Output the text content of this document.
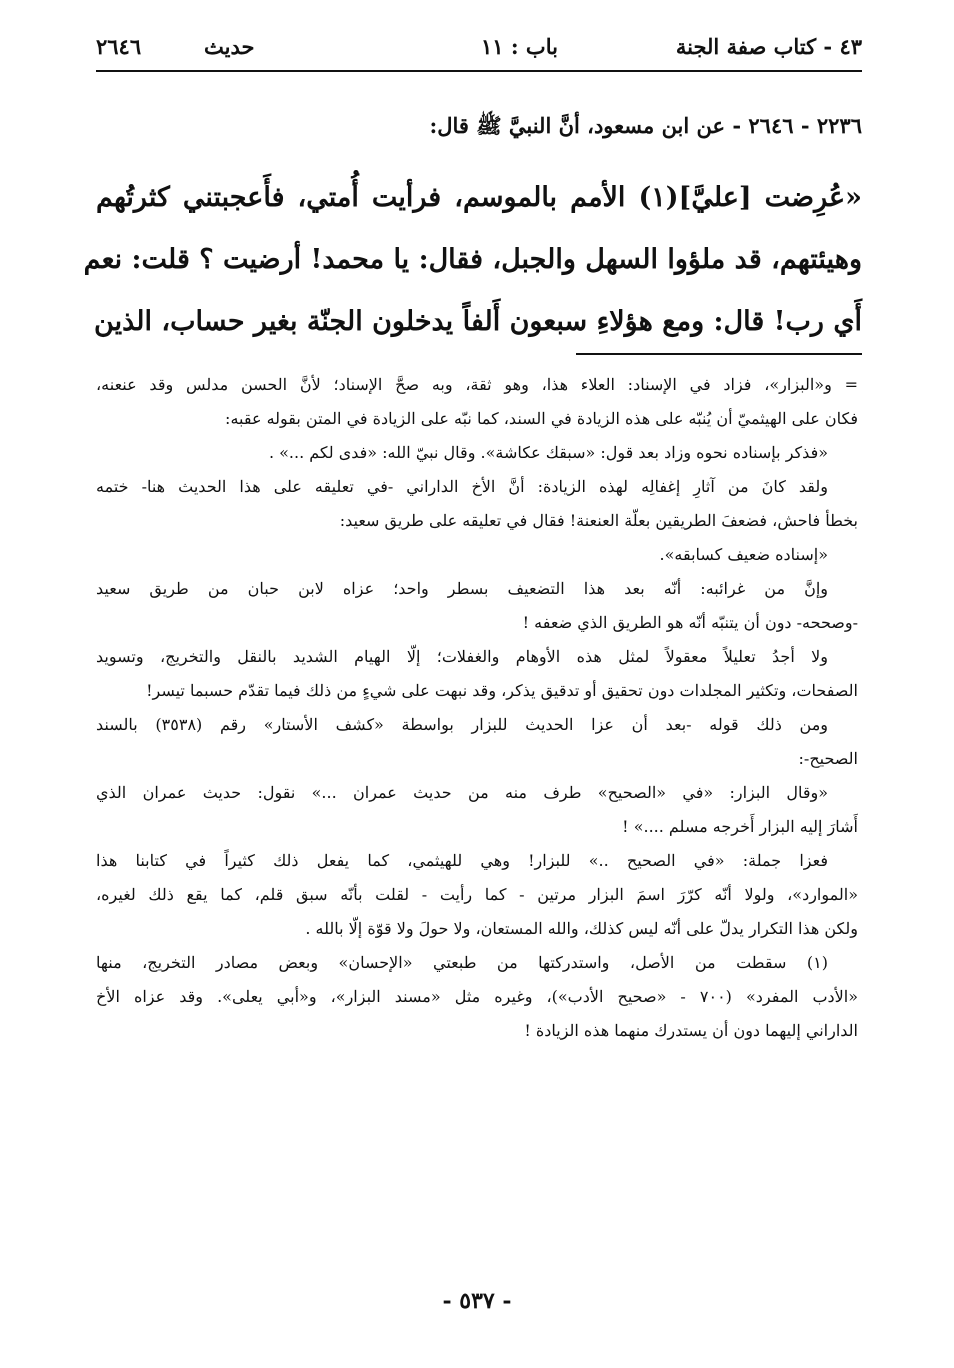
٤٣ - كتاب صفة الجنة
باب : ١١
حديث
٢٦٤٦
٢٢٣٦ - ٢٦٤٦ - عن ابن مسعود، أنَّ النبيَّ ﷺ قال:
«عُرِضت [عليَّ](١) الأمم بالموسم، فرأيت أُمتي، فأَعجبتني كثرتُهم
وهيئتهم، قد ملؤوا السهل والجبل، فقال: يا محمد! أرضيت ؟ قلت: نعم
أَي رب! قال: ومع هؤلاءِ سبعون أَلفاً يدخلون الجنّة بغير حساب، الذين
= و«البزار»، فزاد في الإسناد: العلاء هذا، وهو ثقة، وبه صحَّ الإسناد؛ لأنَّ الحسن مدلس وقد عنعنه،
فكان على الهيثميّ أن يُنبّه على هذه الزيادة في السند، كما نبّه على الزيادة في المتن بقوله عقبه:
«فذكر بإسناده نحوه وزاد بعد قول: «سبقك عكاشة». وقال نبيّ الله: «فدى لكم ...» .
ولقد كانَ من آثارِ إغفالِه لهذه الزيادة: أنَّ الأخ الداراني -في تعليقه على هذا الحديث هنا- ختمه
بخطأ فاحش، فضعفَ الطريقين بعلّة العنعنة! فقال في تعليقه على طريق سعيد:
«إسناده ضعيف كسابقه».
وإنَّ من غرائبه: أنّه بعد هذا التضعيف بسطر واحد؛ عزاه لابن حبان من طريق سعيد
-وصححه- دون أن يتنبّه أنّه هو الطريق الذي ضعفه !
ولا أجدُ تعليلاً معقولاً لمثل هذه الأوهام والغفلات؛ إلّا الهيام الشديد بالنقل والتخريج، وتسويد
الصفحات، وتكثير المجلدات دون تحقيق أو تدقيق يذكر، وقد نبهت على شيءٍ من ذلك فيما تقدّم حسبما تيسر!
ومن ذلك قوله -بعد أن عزا الحديث للبزار بواسطة «كشف الأستار» رقم (٣٥٣٨) بالسند
الصحيح-:
«وقال البزار: «في «الصحيح» طرف منه من حديث عمران ...» نقول: حديث عمران الذي
أَشارَ إليه البزار أَخرجه مسلم ....» !
فعزا جملة: «في الصحيح ..» للبزار! وهي للهيثمي، كما يفعل ذلك كثيراً في كتابنا هذا
«الموارد»، ولولا أنّه كرّرَ اسمَ البزار مرتين - كما رأيت - لقلت بأنّه سبق قلم، كما يقع ذلك لغيره،
ولكن هذا التكرار يدلّ على أنّه ليس كذلك، والله المستعان، ولا حولَ ولا قوّة إلّا بالله .
(١) سقطت من الأصل، واستدركتها من طبعتي «الإحسان» وبعض مصادر التخريج، منها
«الأدب المفرد» (٧٠٠ - «صحيح الأدب»)، وغيره مثل «مسند البزار»، و«أبي يعلى». وقد عزاه الأخ
الداراني إليهما دون أن يستدرك منهما هذه الزيادة !
- ٥٣٧ -
